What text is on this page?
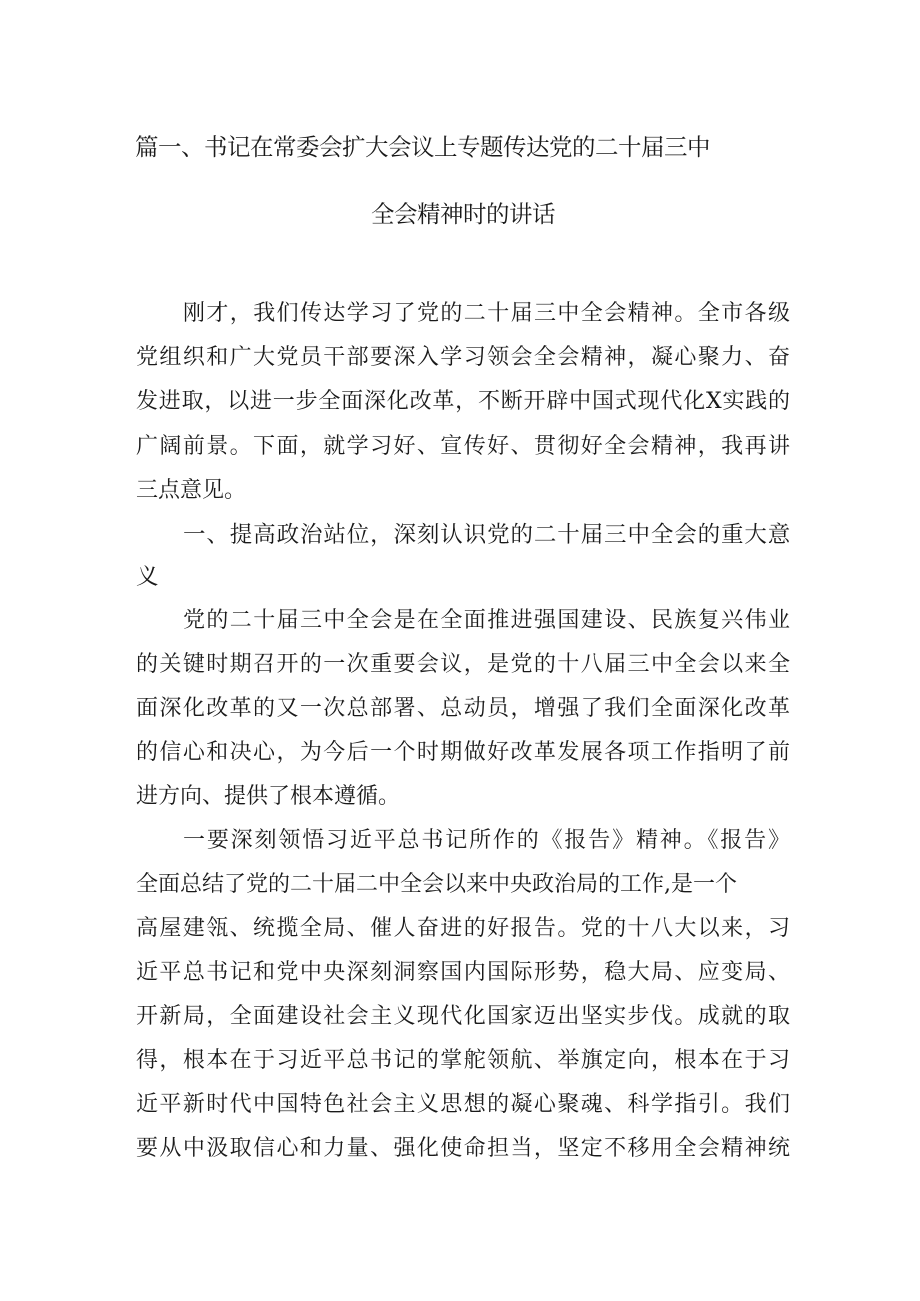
篇一、书记在常委会扩大会议上专题传达党的二十届三中
全会精神时的讲话
刚才，我们传达学习了党的二十届三中全会精神。全市各级
党组织和广大党员干部要深入学习领会全会精神，凝心聚力、奋
发进取，以进一步全面深化改革，不断开辟中国式现代化X实践的
广阔前景。下面，就学习好、宣传好、贯彻好全会精神，我再讲
三点意见。
一、提高政治站位，深刻认识党的二十届三中全会的重大意
义
党的二十届三中全会是在全面推进强国建设、民族复兴伟业
的关键时期召开的一次重要会议，是党的十八届三中全会以来全
面深化改革的又一次总部署、总动员，增强了我们全面深化改革
的信心和决心，为今后一个时期做好改革发展各项工作指明了前
进方向、提供了根本遵循。
一要深刻领悟习近平总书记所作的《报告》精神。《报告》
全面总结了党的二十届二中全会以来中央政治局的工作,是一个
高屋建瓴、统揽全局、催人奋进的好报告。党的十八大以来，习
近平总书记和党中央深刻洞察国内国际形势，稳大局、应变局、
开新局，全面建设社会主义现代化国家迈出坚实步伐。成就的取
得，根本在于习近平总书记的掌舵领航、举旗定向，根本在于习
近平新时代中国特色社会主义思想的凝心聚魂、科学指引。我们
要从中汲取信心和力量、强化使命担当，坚定不移用全会精神统
